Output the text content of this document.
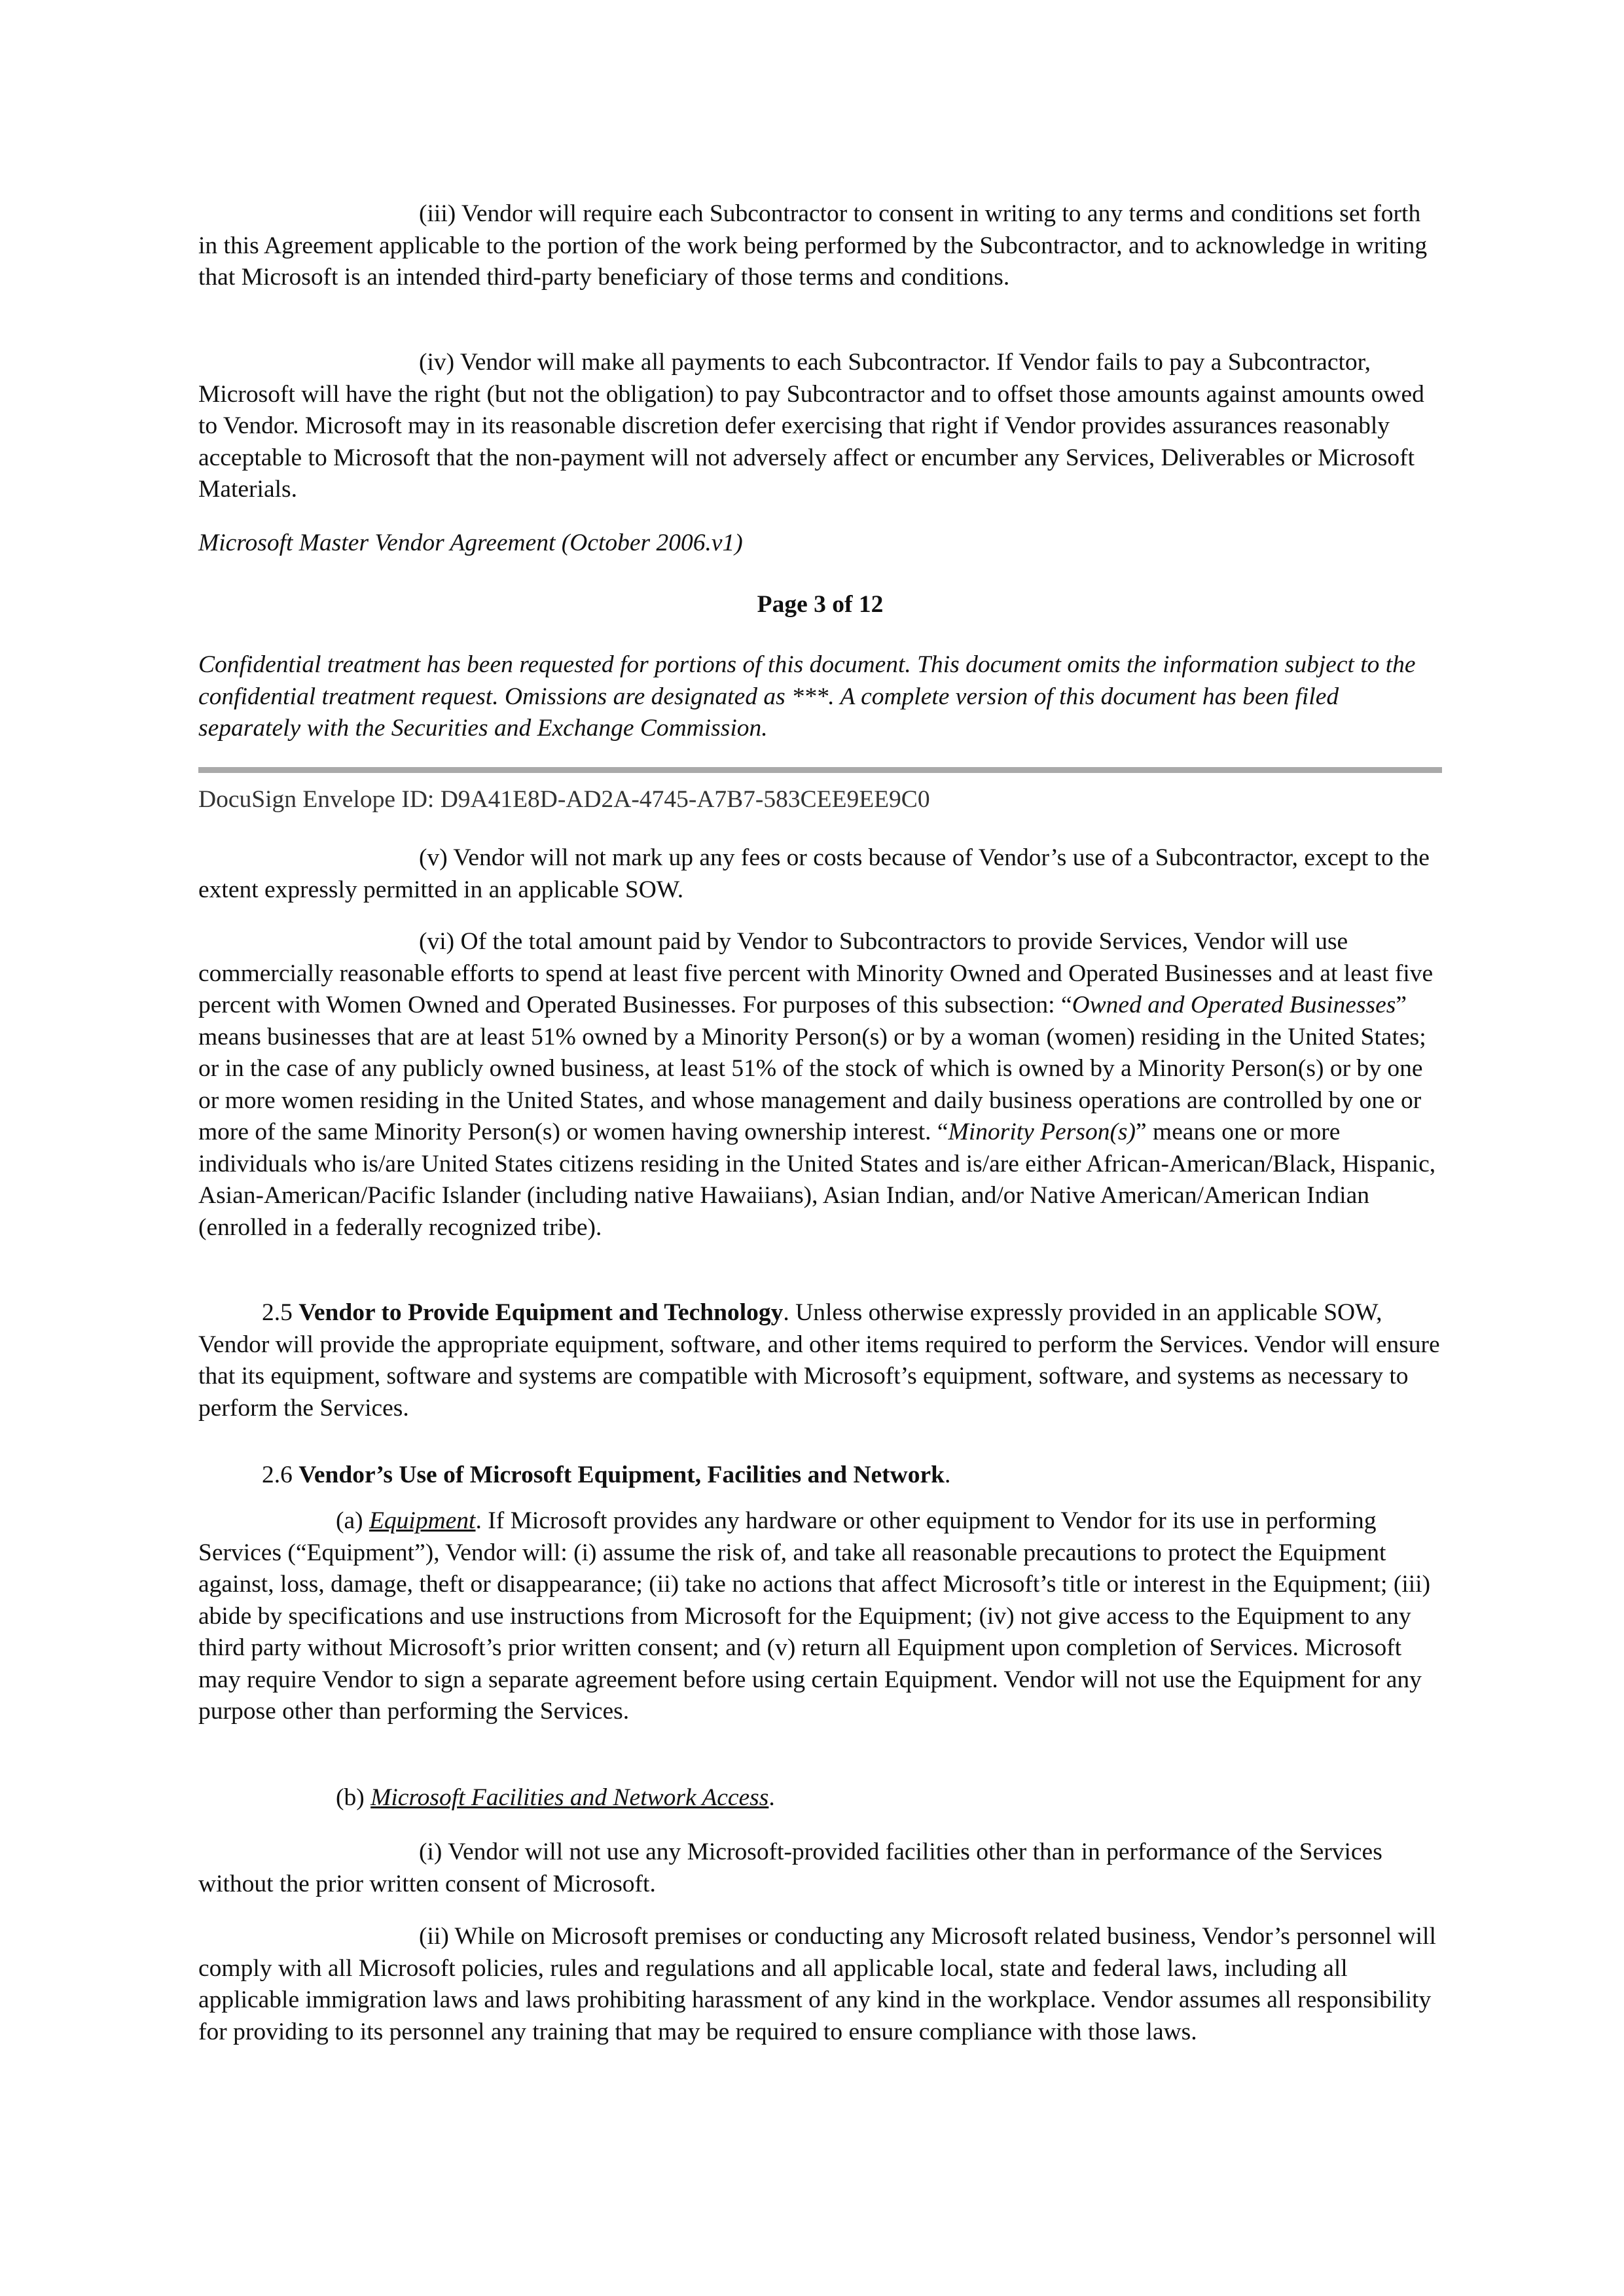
(iii) Vendor will require each Subcontractor to consent in writing to any terms and conditions set forth in this Agreement applicable to the portion of the work being performed by the Subcontractor, and to acknowledge in writing that Microsoft is an intended third-party beneficiary of those terms and conditions.

(iv) Vendor will make all payments to each Subcontractor. If Vendor fails to pay a Subcontractor, Microsoft will have the right (but not the obligation) to pay Subcontractor and to offset those amounts against amounts owed to Vendor. Microsoft may in its reasonable discretion defer exercising that right if Vendor provides assurances reasonably acceptable to Microsoft that the non-payment will not adversely affect or encumber any Services, Deliverables or Microsoft Materials.

Microsoft Master Vendor Agreement (October 2006.v1)

Page 3 of 12

Confidential treatment has been requested for portions of this document. This document omits the information subject to the confidential treatment request. Omissions are designated as ***. A complete version of this document has been filed separately with the Securities and Exchange Commission.

DocuSign Envelope ID: D9A41E8D-AD2A-4745-A7B7-583CEE9EE9C0

(v) Vendor will not mark up any fees or costs because of Vendor’s use of a Subcontractor, except to the extent expressly permitted in an applicable SOW.

(vi) Of the total amount paid by Vendor to Subcontractors to provide Services, Vendor will use commercially reasonable efforts to spend at least five percent with Minority Owned and Operated Businesses and at least five percent with Women Owned and Operated Businesses. For purposes of this subsection: “Owned and Operated Businesses” means businesses that are at least 51% owned by a Minority Person(s) or by a woman (women) residing in the United States; or in the case of any publicly owned business, at least 51% of the stock of which is owned by a Minority Person(s) or by one or more women residing in the United States, and whose management and daily business operations are controlled by one or more of the same Minority Person(s) or women having ownership interest. “Minority Person(s)” means one or more individuals who is/are United States citizens residing in the United States and is/are either African-American/Black, Hispanic, Asian-American/Pacific Islander (including native Hawaiians), Asian Indian, and/or Native American/American Indian (enrolled in a federally recognized tribe).

2.5 Vendor to Provide Equipment and Technology. Unless otherwise expressly provided in an applicable SOW, Vendor will provide the appropriate equipment, software, and other items required to perform the Services. Vendor will ensure that its equipment, software and systems are compatible with Microsoft’s equipment, software, and systems as necessary to perform the Services.

2.6 Vendor’s Use of Microsoft Equipment, Facilities and Network.

(a) Equipment. If Microsoft provides any hardware or other equipment to Vendor for its use in performing Services (“Equipment”), Vendor will: (i) assume the risk of, and take all reasonable precautions to protect the Equipment against, loss, damage, theft or disappearance; (ii) take no actions that affect Microsoft’s title or interest in the Equipment; (iii) abide by specifications and use instructions from Microsoft for the Equipment; (iv) not give access to the Equipment to any third party without Microsoft’s prior written consent; and (v) return all Equipment upon completion of Services. Microsoft may require Vendor to sign a separate agreement before using certain Equipment. Vendor will not use the Equipment for any purpose other than performing the Services.

(b) Microsoft Facilities and Network Access.

(i) Vendor will not use any Microsoft-provided facilities other than in performance of the Services without the prior written consent of Microsoft.

(ii) While on Microsoft premises or conducting any Microsoft related business, Vendor’s personnel will comply with all Microsoft policies, rules and regulations and all applicable local, state and federal laws, including all applicable immigration laws and laws prohibiting harassment of any kind in the workplace. Vendor assumes all responsibility for providing to its personnel any training that may be required to ensure compliance with those laws.
